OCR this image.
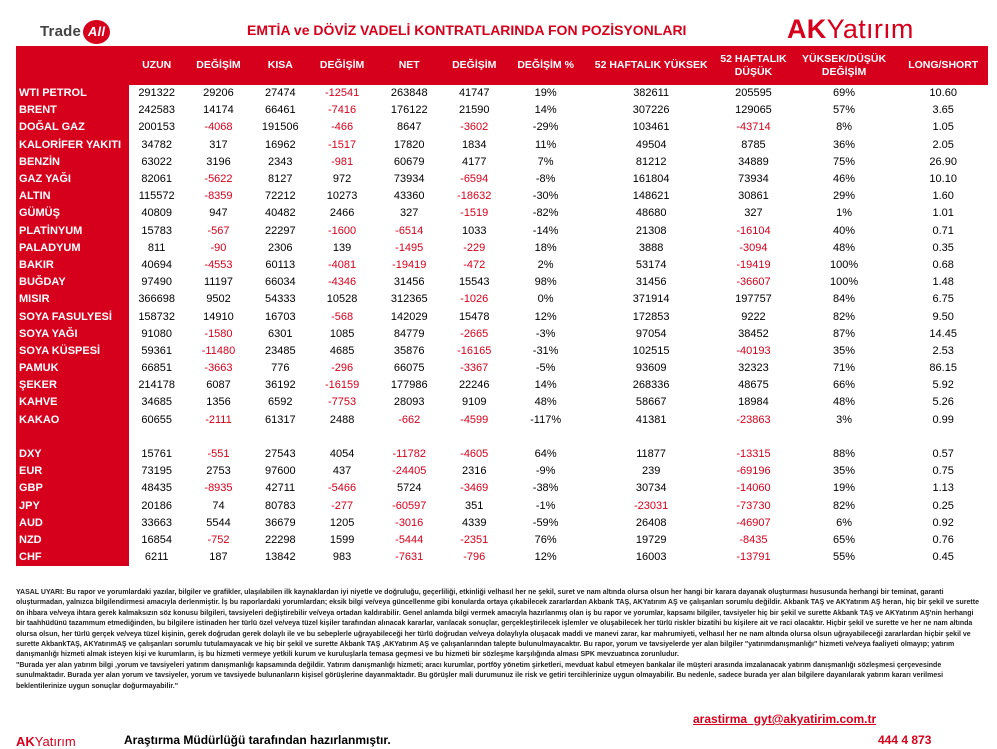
Trade All	EMTİA ve DÖVİZ VADELİ KONTRATLARINDA FON POZİSYONLARI	AKYatırım
	UZUN	DEĞİŞİM	KISA	DEĞİŞİM	NET	DEĞİŞİM	DEĞİŞİM %	52 HAFTALIK YÜKSEK	52 HAFTALIK DÜŞÜK	YÜKSEK/DÜŞÜK DEĞİŞİM	LONG/SHORT
WTI PETROL	291322	29206	27474	-12541	263848	41747	19%	382611	205595	69%	10.60
BRENT	242583	14174	66461	-7416	176122	21590	14%	307226	129065	57%	3.65
DOĞAL GAZ	200153	-4068	191506	-466	8647	-3602	-29%	103461	-43714	8%	1.05
KALORİFER YAKITI	34782	317	16962	-1517	17820	1834	11%	49504	8785	36%	2.05
BENZİN	63022	3196	2343	-981	60679	4177	7%	81212	34889	75%	26.90
GAZ YAĞI	82061	-5622	8127	972	73934	-6594	-8%	161804	73934	46%	10.10
ALTIN	115572	-8359	72212	10273	43360	-18632	-30%	148621	30861	29%	1.60
GÜMÜŞ	40809	947	40482	2466	327	-1519	-82%	48680	327	1%	1.01
PLATİNYUM	15783	-567	22297	-1600	-6514	1033	-14%	21308	-16104	40%	0.71
PALADYUM	811	-90	2306	139	-1495	-229	18%	3888	-3094	48%	0.35
BAKIR	40694	-4553	60113	-4081	-19419	-472	2%	53174	-19419	100%	0.68
BUĞDAY	97490	11197	66034	-4346	31456	15543	98%	31456	-36607	100%	1.48
MISIR	366698	9502	54333	10528	312365	-1026	0%	371914	197757	84%	6.75
SOYA FASULYESİ	158732	14910	16703	-568	142029	15478	12%	172853	9222	82%	9.50
SOYA YAĞI	91080	-1580	6301	1085	84779	-2665	-3%	97054	38452	87%	14.45
SOYA KÜSPESİ	59361	-11480	23485	4685	35876	-16165	-31%	102515	-40193	35%	2.53
PAMUK	66851	-3663	776	-296	66075	-3367	-5%	93609	32323	71%	86.15
ŞEKER	214178	6087	36192	-16159	177986	22246	14%	268336	48675	66%	5.92
KAHVE	34685	1356	6592	-7753	28093	9109	48%	58667	18984	48%	5.26
KAKAO	60655	-2111	61317	2488	-662	-4599	-117%	41381	-23863	3%	0.99

DXY	15761	-551	27543	4054	-11782	-4605	64%	11877	-13315	88%	0.57
EUR	73195	2753	97600	437	-24405	2316	-9%	239	-69196	35%	0.75
GBP	48435	-8935	42711	-5466	5724	-3469	-38%	30734	-14060	19%	1.13
JPY	20186	74	80783	-277	-60597	351	-1%	-23031	-73730	82%	0.25
AUD	33663	5544	36679	1205	-3016	4339	-59%	26408	-46907	6%	0.92
NZD	16854	-752	22298	1599	-5444	-2351	76%	19729	-8435	65%	0.76
CHF	6211	187	13842	983	-7631	-796	12%	16003	-13791	55%	0.45
YASAL UYARI: Bu rapor ve yorumlardaki yazılar, bilgiler ve grafikler, ulaşılabilen ilk kaynaklardan iyi niyetle ve doğruluğu, geçerliliği, etkinliği velhasıl her ne şekil, suret ve nam altında olursa olsun her hangi bir karara dayanak oluşturması hususunda herhangi bir teminat, garanti oluşturmadan, yalnızca bilgilendirmesi amacıyla derlenmiştir. İş bu raporlardaki yorumlardan; eksik bilgi ve/veya güncellenme gibi konularda ortaya çıkabilecek zararlardan Akbank TAŞ, AKYatırım AŞ ve çalışanları sorumlu değildir. Akbank TAŞ ve AKYatırım AŞ heran, hiç bir şekil ve surette ön ihbara ve/veya ihtara gerek kalmaksızın söz konusu bilgileri, tavsiyeleri değiştirebilir ve/veya ortadan kaldırabilir. Genel anlamda bilgi vermek amacıyla hazırlanmış olan iş bu rapor ve yorumlar, kapsamı bilgiler, tavsiyeler hiç bir şekil ve surette Akbank TAŞ ve AKYatırım AŞ'nin herhangi bir taahhüdünü tazammum etmediğinden, bu bilgilere istinaden her türlü özel ve/veya tüzel kişiler tarafından alınacak kararlar, varılacak sonuçlar, gerçekleştirilecek işlemler ve oluşabilecek her türlü riskler bizatihi bu kişilere ait ve raci olacaktır. Hiçbir şekil ve surette ve her ne nam altında olursa olsun, her türlü gerçek ve/veya tüzel kişinin, gerek doğrudan gerek dolaylı ile ve bu sebeplerle uğrayabileceği her türlü doğrudan ve/veya dolaylıyla oluşacak maddi ve manevi zarar, kar mahrumiyeti, velhasıl her ne nam altında olursa olsun uğrayabileceği zararlardan hiçbir şekil ve surette AkbankTAŞ, AKYatırımAŞ ve çalışanları sorumlu tutulamayacak ve hiç bir şekil ve surette Akbank TAŞ ,AKYatırım AŞ ve çalışanlarından talepte bulunulmayacaktır. Bu rapor, yorum ve tavsiyelerde yer alan bilgiler "yatırımdanışmanlığı" hizmeti ve/veya faaliyeti olmayıp; yatırım danışmanlığı hizmeti almak isteyen kişi ve kurumların, iş bu hizmeti vermeye yetkili kurum ve kuruluşlarla temasa geçmesi ve bu hizmeti bir sözleşme karşılığında alması SPK mevzuatınca zorunludur.
"Burada yer alan yatırım bilgi ,yorum ve tavsiyeleri yatırım danışmanlığı kapsamında değildir. Yatırım danışmanlığı hizmeti; aracı kurumlar, portföy yönetim şirketleri, mevduat kabul etmeyen bankalar ile müşteri arasında imzalanacak yatırım danışmanlığı sözleşmesi çerçevesinde sunulmaktadır. Burada yer alan yorum ve tavsiyeler, yorum ve tavsiyede bulunanların kişisel görüşlerine dayanmaktadır. Bu görüşler mali durumunuz ile risk ve getiri tercihlerinize uygun olmayabilir. Bu nedenle, sadece burada yer alan bilgilere dayanılarak yatırım kararı verilmesi beklentilerinize uygun sonuçlar doğurmayabilir."
arastirma_gyt@akyatirim.com.tr
AKYatırım	Araştırma Müdürlüğü tarafından hazırlanmıştır.	444 4 873
